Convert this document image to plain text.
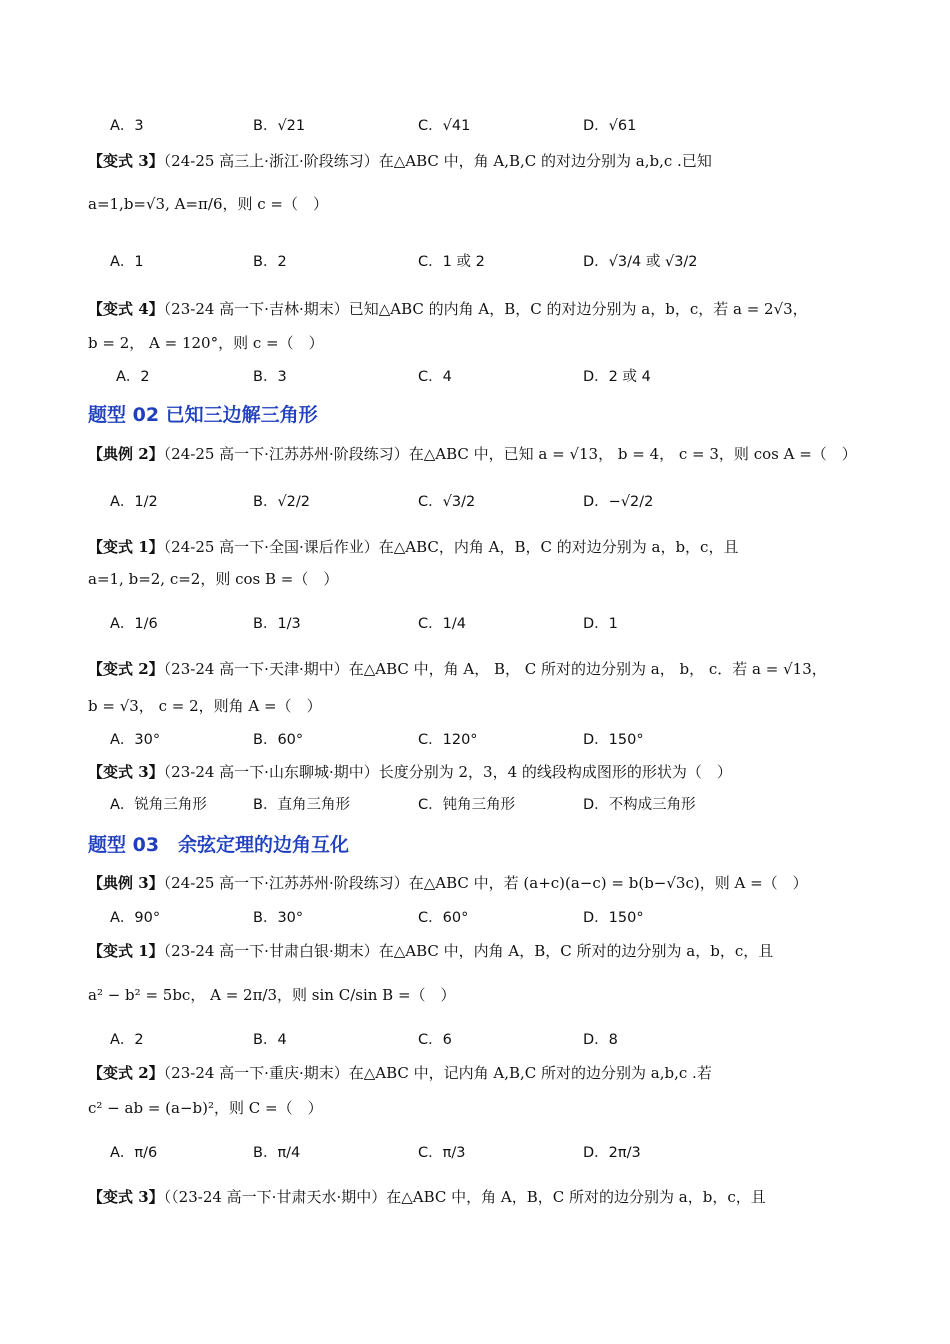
A．3	B．√21	C．√41	D．√61
【变式 3】（24-25 高三上·浙江·阶段练习）在△ABC 中，角 A,B,C 的对边分别为 a,b,c .已知
a=1,b=√3, A=π/6，则 c =（　）
A．1	B．2	C．1 或 2	D．√3/4 或 √3/2
【变式 4】（23-24 高一下·吉林·期末）已知△ABC 的内角 A，B，C 的对边分别为 a，b，c，若 a = 2√3，
b = 2， A = 120°，则 c =（　）
A．2	B．3	C．4	D．2 或 4
题型 02 已知三边解三角形
【典例 2】（24-25 高一下·江苏苏州·阶段练习）在△ABC 中，已知 a = √13， b = 4， c = 3，则 cos A =（　）
A．1/2	B．√2/2	C．√3/2	D．−√2/2
【变式 1】（24-25 高一下·全国·课后作业）在△ABC，内角 A，B，C 的对边分别为 a，b，c，且
a=1, b=2, c=2，则 cos B =（　）
A．1/6	B．1/3	C．1/4	D．1
【变式 2】（23-24 高一下·天津·期中）在△ABC 中，角 A， B， C 所对的边分别为 a， b， c．若 a = √13，
b = √3， c = 2，则角 A =（　）
A．30°	B．60°	C．120°	D．150°
【变式 3】（23-24 高一下·山东聊城·期中）长度分别为 2，3，4 的线段构成图形的形状为（　）
A．锐角三角形	B．直角三角形	C．钝角三角形	D．不构成三角形
题型 03　余弦定理的边角互化
【典例 3】（24-25 高一下·江苏苏州·阶段练习）在△ABC 中，若 (a+c)(a−c) = b(b−√3c)，则 A =（　）
A．90°	B．30°	C．60°	D．150°
【变式 1】（23-24 高一下·甘肃白银·期末）在△ABC 中，内角 A，B，C 所对的边分别为 a，b，c，且
a² − b² = 5bc， A = 2π/3，则 sin C/sin B =（　）
A．2	B．4	C．6	D．8
【变式 2】（23-24 高一下·重庆·期末）在△ABC 中，记内角 A,B,C 所对的边分别为 a,b,c .若
c² − ab = (a−b)²，则 C =（　）
A．π/6	B．π/4	C．π/3	D．2π/3
【变式 3】（（23-24 高一下·甘肃天水·期中）在△ABC 中，角 A，B，C 所对的边分别为 a，b，c，且
